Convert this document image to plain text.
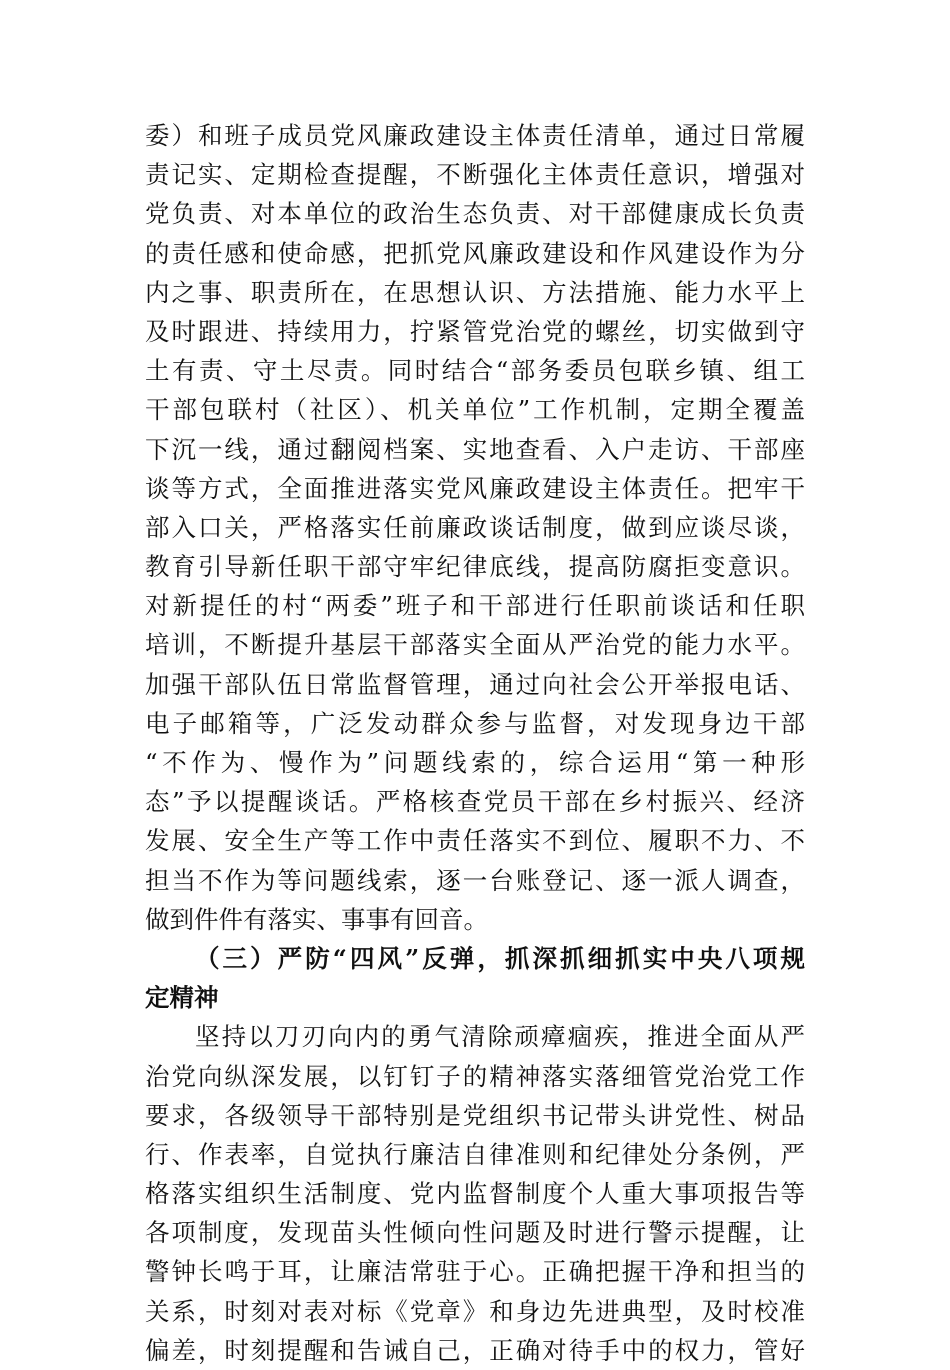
委）和班子成员党风廉政建设主体责任清单，通过日常履
责记实、定期检查提醒，不断强化主体责任意识，增强对
党负责、对本单位的政治生态负责、对干部健康成长负责
的责任感和使命感，把抓党风廉政建设和作风建设作为分
内之事、职责所在，在思想认识、方法措施、能力水平上
及时跟进、持续用力，拧紧管党治党的螺丝，切实做到守
土有责、守土尽责。同时结合“部务委员包联乡镇、组工
干部包联村（社区）、机关单位”工作机制，定期全覆盖
下沉一线，通过翻阅档案、实地查看、入户走访、干部座
谈等方式，全面推进落实党风廉政建设主体责任。把牢干
部入口关，严格落实任前廉政谈话制度，做到应谈尽谈，
教育引导新任职干部守牢纪律底线，提高防腐拒变意识。
对新提任的村“两委”班子和干部进行任职前谈话和任职
培训，不断提升基层干部落实全面从严治党的能力水平。
加强干部队伍日常监督管理，通过向社会公开举报电话、
电子邮箱等，广泛发动群众参与监督，对发现身边干部
“不作为、慢作为”问题线索的，综合运用“第一种形
态”予以提醒谈话。严格核查党员干部在乡村振兴、经济
发展、安全生产等工作中责任落实不到位、履职不力、不
担当不作为等问题线索，逐一台账登记、逐一派人调查，
做到件件有落实、事事有回音。
（三）严防“四风”反弹，抓深抓细抓实中央八项规
定精神
坚持以刀刃向内的勇气清除顽瘴痼疾，推进全面从严
治党向纵深发展，以钉钉子的精神落实落细管党治党工作
要求，各级领导干部特别是党组织书记带头讲党性、树品
行、作表率，自觉执行廉洁自律准则和纪律处分条例，严
格落实组织生活制度、党内监督制度个人重大事项报告等
各项制度，发现苗头性倾向性问题及时进行警示提醒，让
警钟长鸣于耳，让廉洁常驻于心。正确把握干净和担当的
关系，时刻对表对标《党章》和身边先进典型，及时校准
偏差，时刻提醒和告诫自己，正确对待手中的权力，管好
